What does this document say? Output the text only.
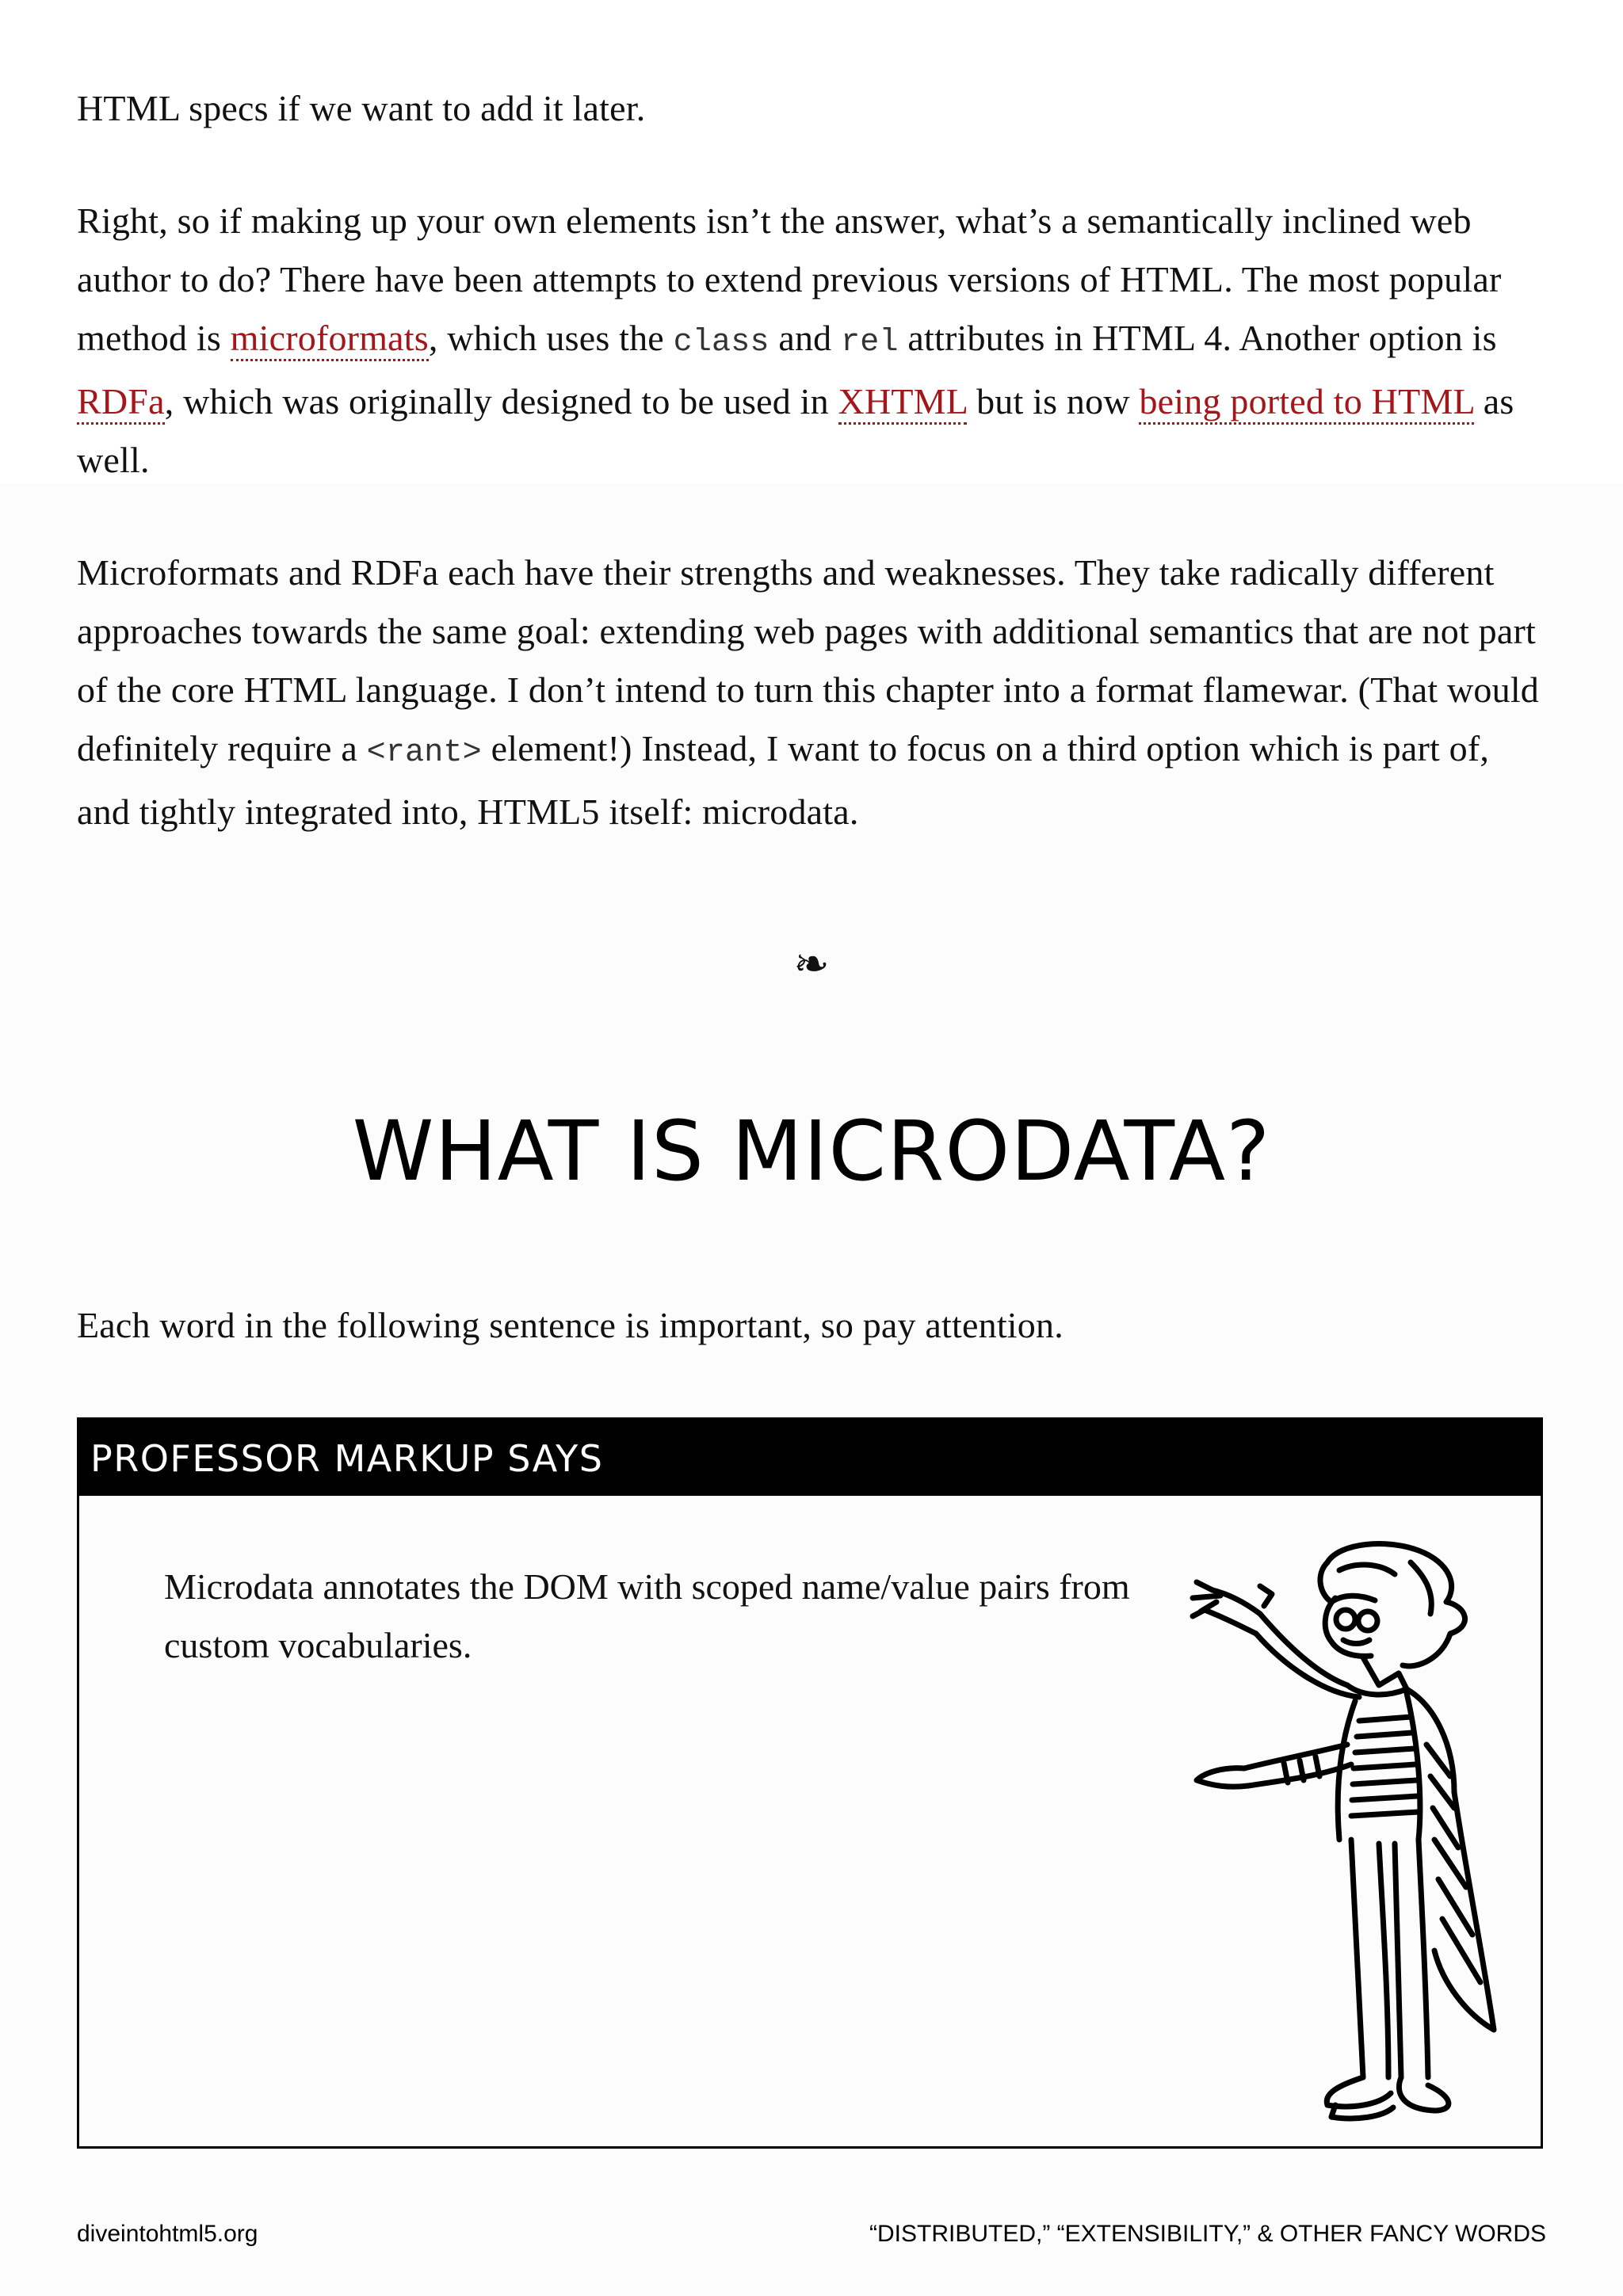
HTML specs if we want to add it later.

Right, so if making up your own elements isn’t the answer, what’s a semantically inclined web author to do? There have been attempts to extend previous versions of HTML. The most popular method is microformats, which uses the class and rel attributes in HTML 4. Another option is RDFa, which was originally designed to be used in XHTML but is now being ported to HTML as well.

Microformats and RDFa each have their strengths and weaknesses. They take radically different approaches towards the same goal: extending web pages with additional semantics that are not part of the core HTML language. I don’t intend to turn this chapter into a format flamewar. (That would definitely require a <rant> element!) Instead, I want to focus on a third option which is part of, and tightly integrated into, HTML5 itself: microdata.

❧
WHAT IS MICRODATA?

Each word in the following sentence is important, so pay attention.

PROFESSOR MARKUP SAYS

Microdata annotates the DOM with scoped name/value pairs from custom vocabularies.

diveintohtml5.org	“DISTRIBUTED,” “EXTENSIBILITY,” & OTHER FANCY WORDS
